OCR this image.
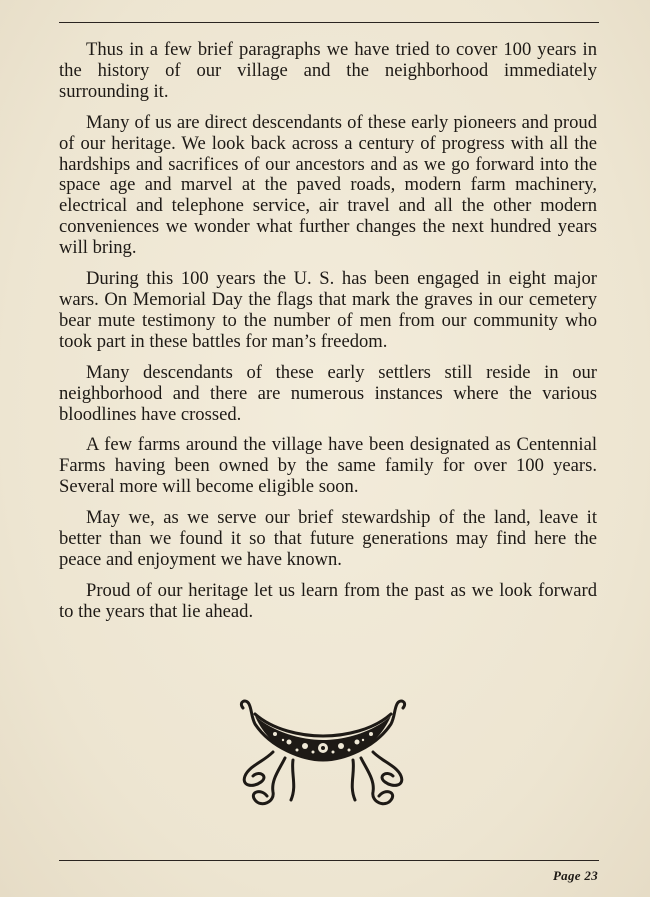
Thus in a few brief paragraphs we have tried to cover 100 years in the history of our village and the neighborhood immediately surrounding it.

Many of us are direct descendants of these early pioneers and proud of our heritage. We look back across a century of progress with all the hardships and sacrifices of our ancestors and as we go forward into the space age and marvel at the paved roads, modern farm machinery, electrical and telephone service, air travel and all the other modern conveniences we wonder what further changes the next hundred years will bring.

During this 100 years the U. S. has been engaged in eight major wars. On Memorial Day the flags that mark the graves in our cemetery bear mute testimony to the number of men from our community who took part in these battles for man’s freedom.

Many descendants of these early settlers still reside in our neighborhood and there are numerous instances where the various bloodlines have crossed.

A few farms around the village have been designated as Centennial Farms having been owned by the same family for over 100 years. Several more will become eligible soon.

May we, as we serve our brief stewardship of the land, leave it better than we found it so that future generations may find here the peace and enjoyment we have known.

Proud of our heritage let us learn from the past as we look forward to the years that lie ahead.

Page 23
